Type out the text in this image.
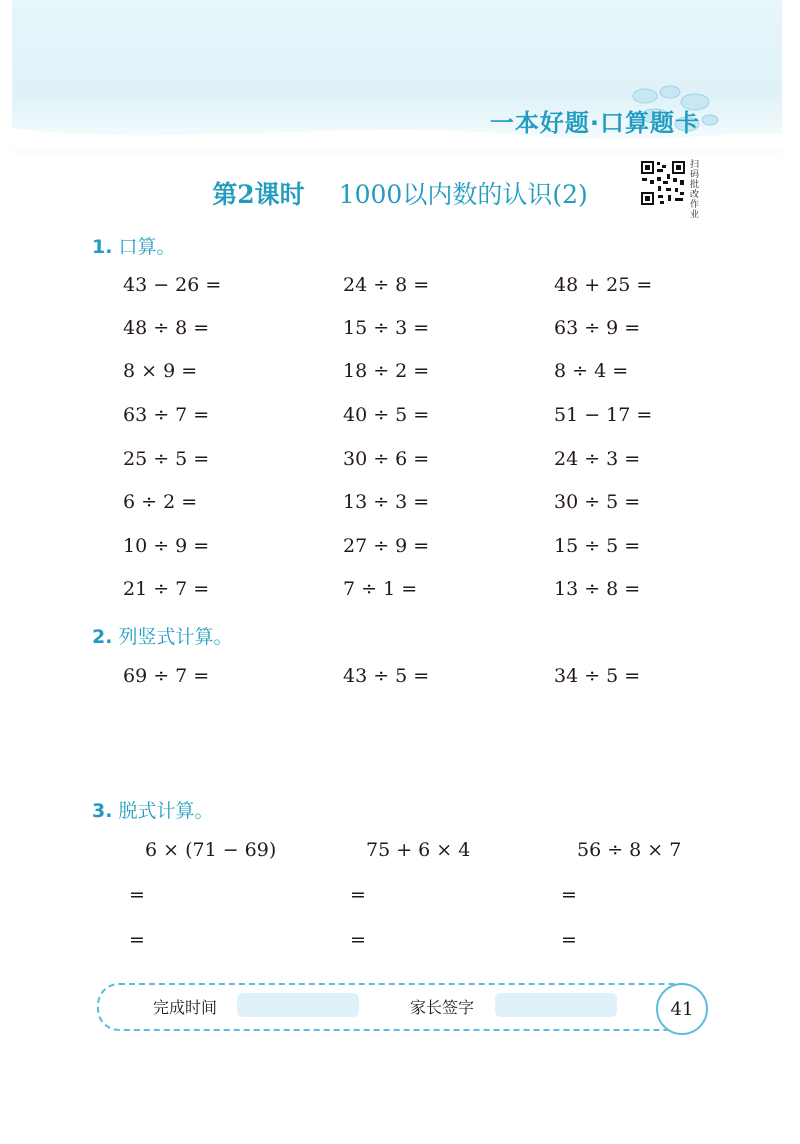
一本好题·口算题卡
第2课时 1000以内数的认识(2)
扫码批改作业
1. 口算。
43 − 26 =	24 ÷ 8 =	48 + 25 =
48 ÷ 8 =	15 ÷ 3 =	63 ÷ 9 =
8 × 9 =	18 ÷ 2 =	8 ÷ 4 =
63 ÷ 7 =	40 ÷ 5 =	51 − 17 =
25 ÷ 5 =	30 ÷ 6 =	24 ÷ 3 =
6 ÷ 2 =	13 ÷ 3 =	30 ÷ 5 =
10 ÷ 9 =	27 ÷ 9 =	15 ÷ 5 =
21 ÷ 7 =	7 ÷ 1 =	13 ÷ 8 =
2. 列竖式计算。
69 ÷ 7 =	43 ÷ 5 =	34 ÷ 5 =
3. 脱式计算。
6 × (71 − 69)	75 + 6 × 4	56 ÷ 8 × 7
=	=	=
=	=	=
完成时间	家长签字	41
